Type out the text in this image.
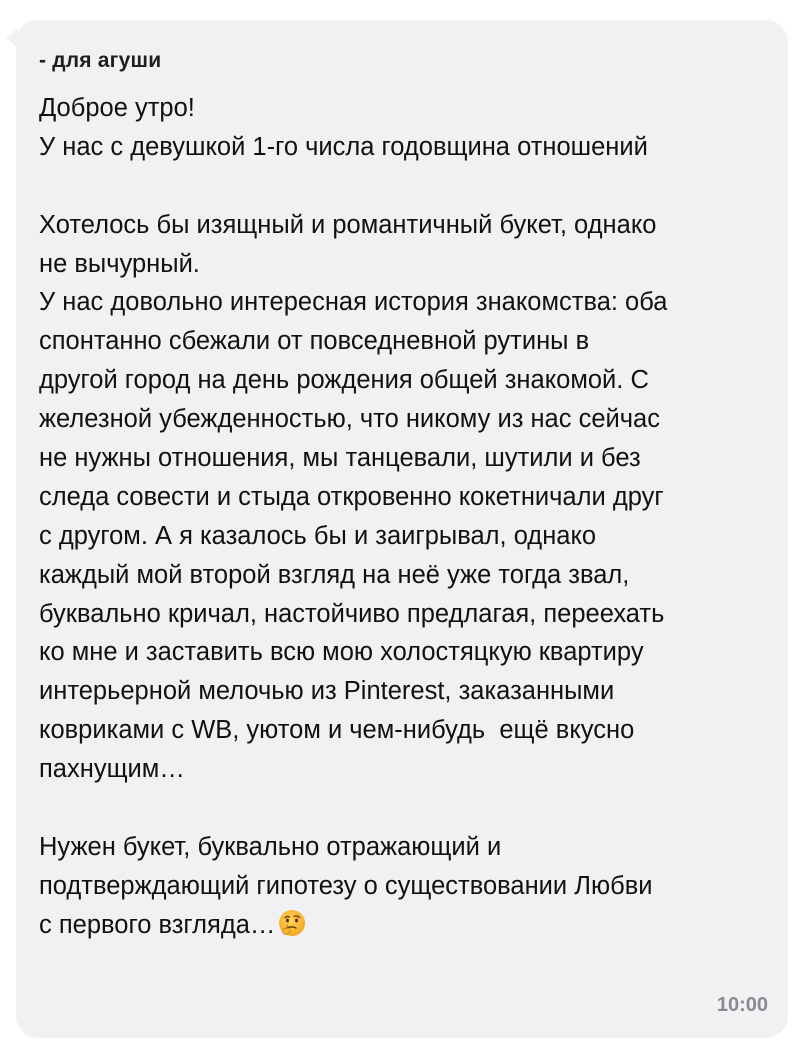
- для агуши
Доброе утро!
У нас с девушкой 1-го числа годовщина отношений
Хотелось бы изящный и романтичный букет, однако
не вычурный.
У нас довольно интересная история знакомства: оба
спонтанно сбежали от повседневной рутины в
другой город на день рождения общей знакомой. С
железной убежденностью, что никому из нас сейчас
не нужны отношения, мы танцевали, шутили и без
следа совести и стыда откровенно кокетничали друг
с другом. А я казалось бы и заигрывал, однако
каждый мой второй взгляд на неё уже тогда звал,
буквально кричал, настойчиво предлагая, переехать
ко мне и заставить всю мою холостяцкую квартиру
интерьерной мелочью из Pinterest, заказанными
ковриками с WB, уютом и чем-нибудь  ещё вкусно
пахнущим…
Нужен букет, буквально отражающий и
подтверждающий гипотезу о существовании Любви
с первого взгляда…
10:00
